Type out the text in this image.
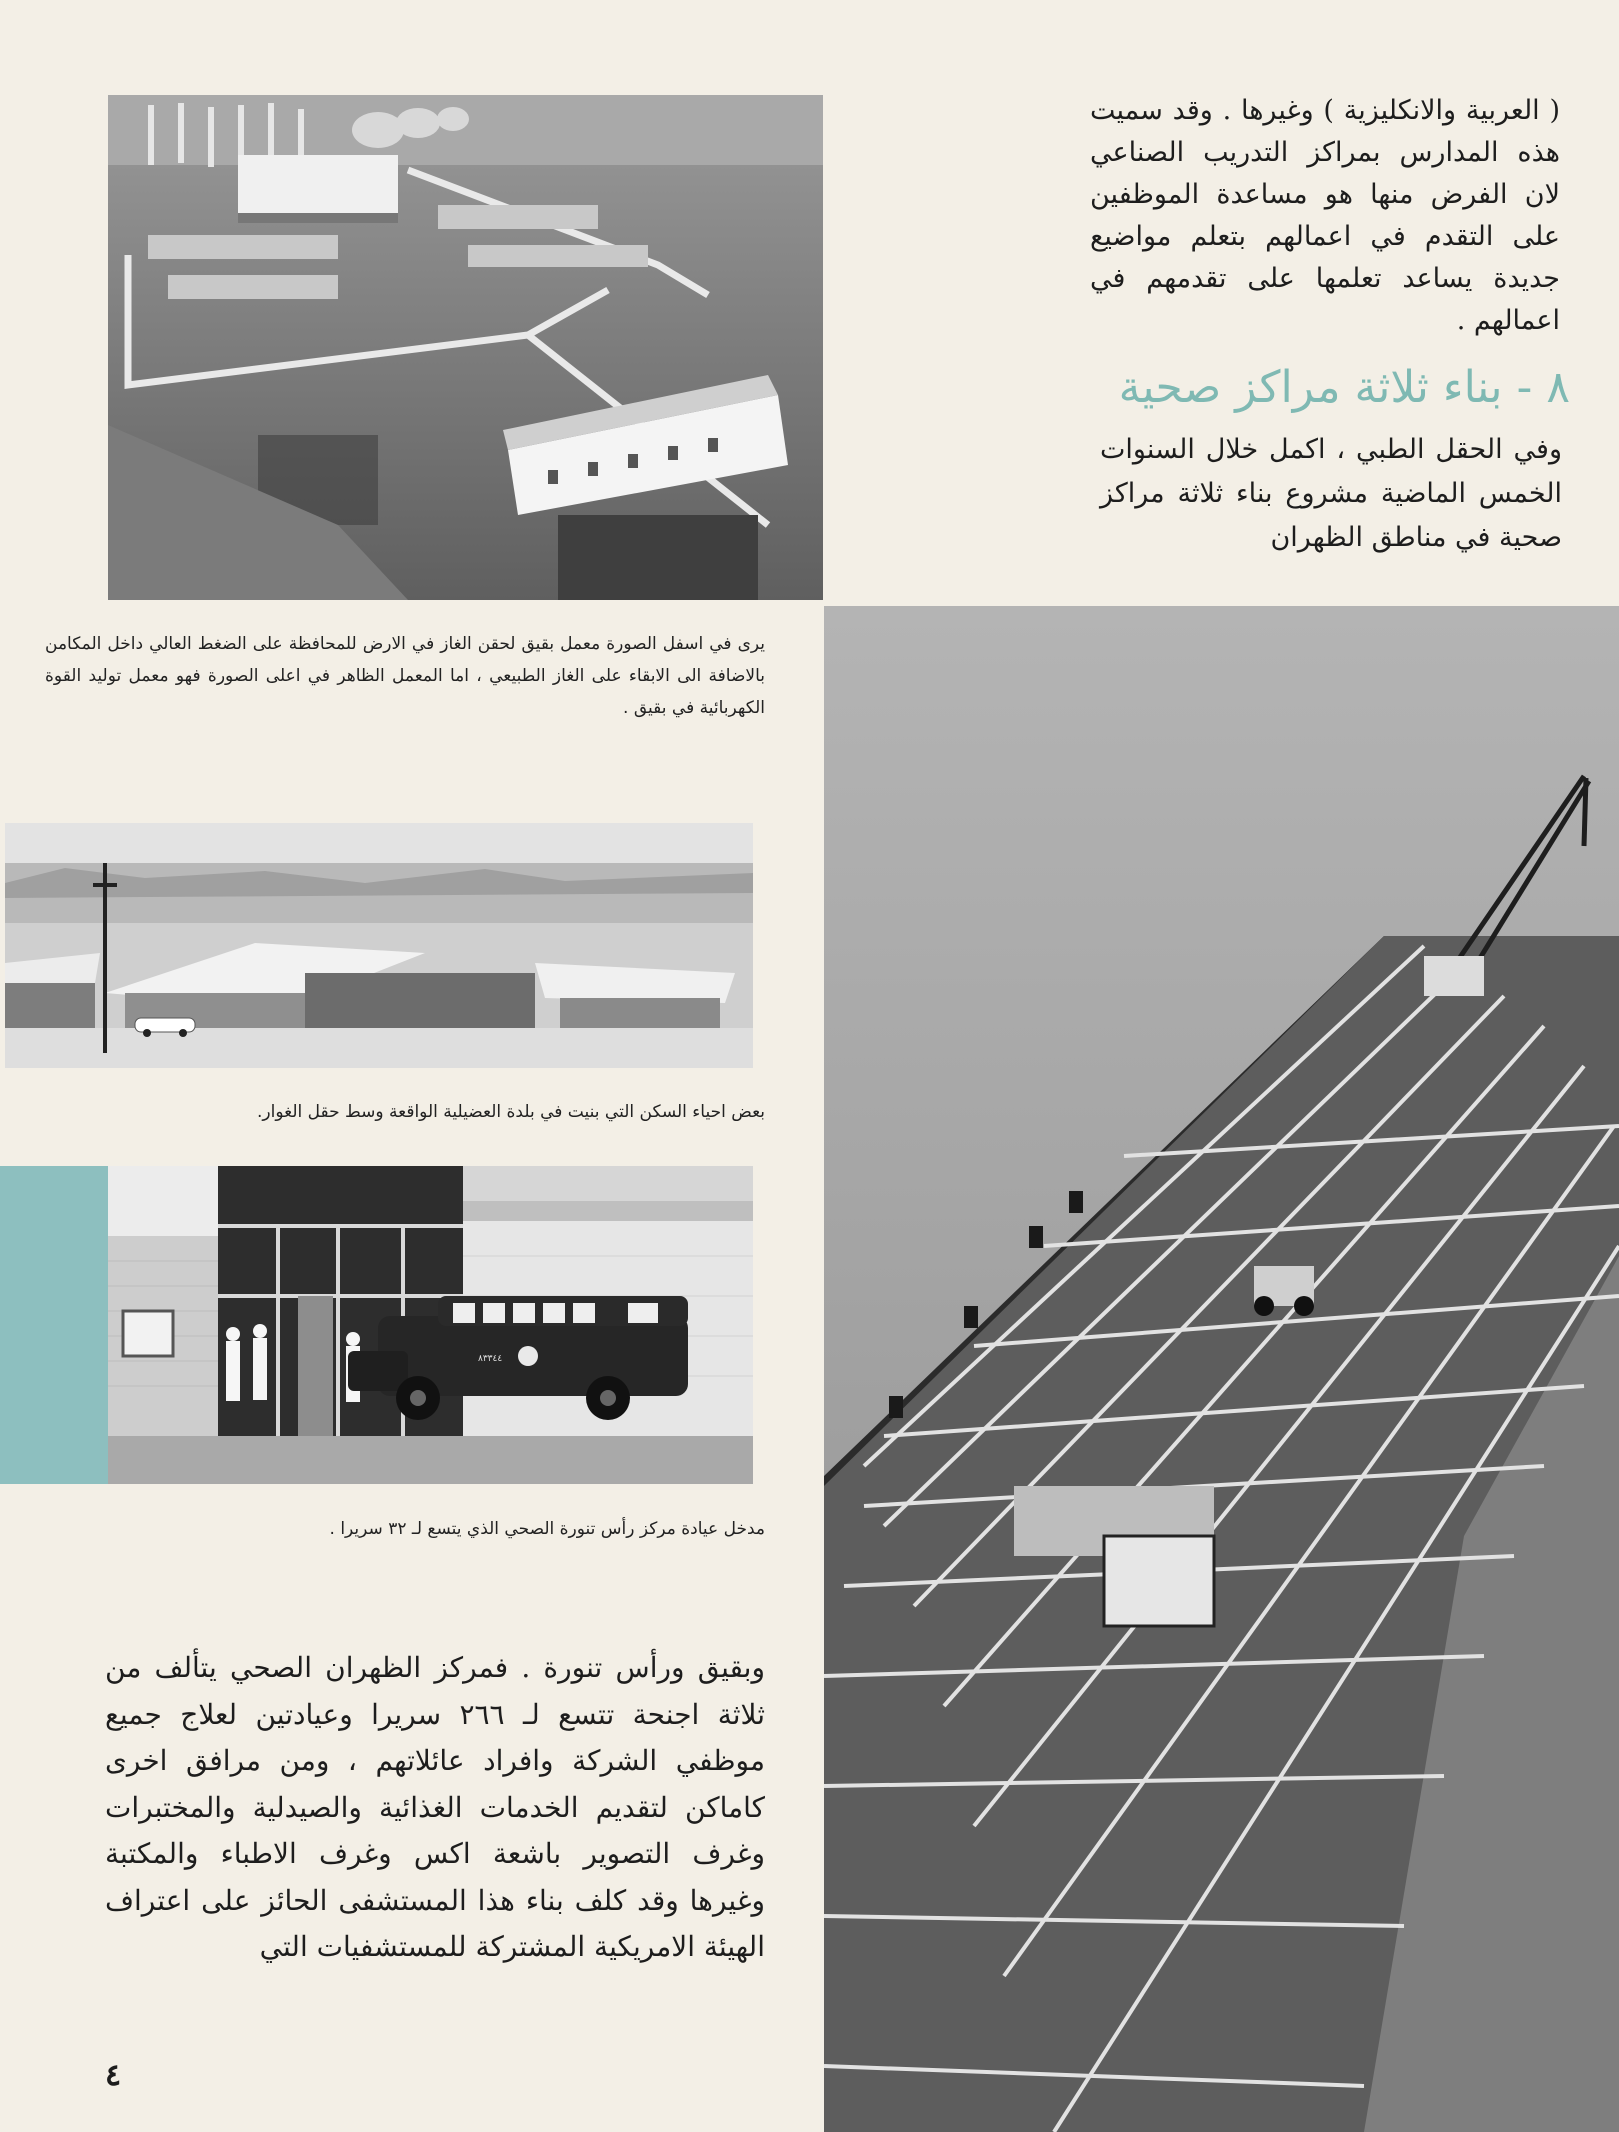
( العربية والانكليزية ) وغيرها . وقد سميت هذه المدارس بمراكز التدريب الصناعي لان الفرض منها هو مساعدة الموظفين على التقدم في اعمالهم بتعلم مواضيع جديدة يساعد تعلمها على تقدمهم في اعمالهم .
٨ - بناء ثلاثة مراكز صحية
وفي الحقل الطبي ، اكمل خلال السنوات الخمس الماضية مشروع بناء ثلاثة مراكز صحية في مناطق الظهران
يرى في اسفل الصورة معمل بقيق لحقن الغاز في الارض للمحافظة على الضغط العالي داخل المكامن بالاضافة الى الابقاء على الغاز الطبيعي ، اما المعمل الظاهر في اعلى الصورة فهو معمل توليد القوة الكهربائية في بقيق .
بعض احياء السكن التي بنيت في بلدة العضيلية الواقعة وسط حقل الغوار.
٨٣٣٤٤
مدخل عيادة مركز رأس تنورة الصحي الذي يتسع لـ ٣٢ سريرا .
وبقيق ورأس تنورة . فمركز الظهران الصحي يتألف من ثلاثة اجنحة تتسع لـ ٢٦٦ سريرا وعيادتين لعلاج جميع موظفي الشركة وافراد عائلاتهم ، ومن مرافق اخرى كاماكن لتقديم الخدمات الغذائية والصيدلية والمختبرات وغرف التصوير باشعة اكس وغرف الاطباء والمكتبة وغيرها وقد كلف بناء هذا المستشفى الحائز على اعتراف الهيئة الامريكية المشتركة للمستشفيات التي
٤
